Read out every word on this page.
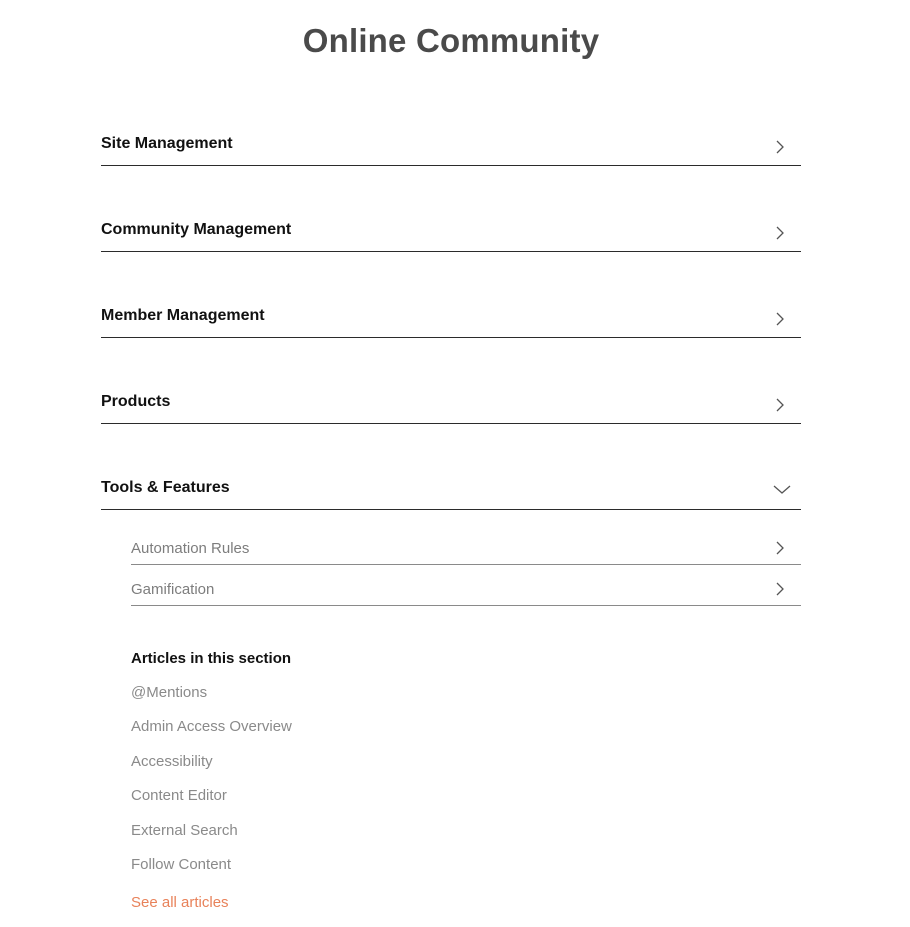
Online Community
Site Management
Community Management
Member Management
Products
Tools & Features
Automation Rules
Gamification
Articles in this section
@Mentions
Admin Access Overview
Accessibility
Content Editor
External Search
Follow Content
See all articles
